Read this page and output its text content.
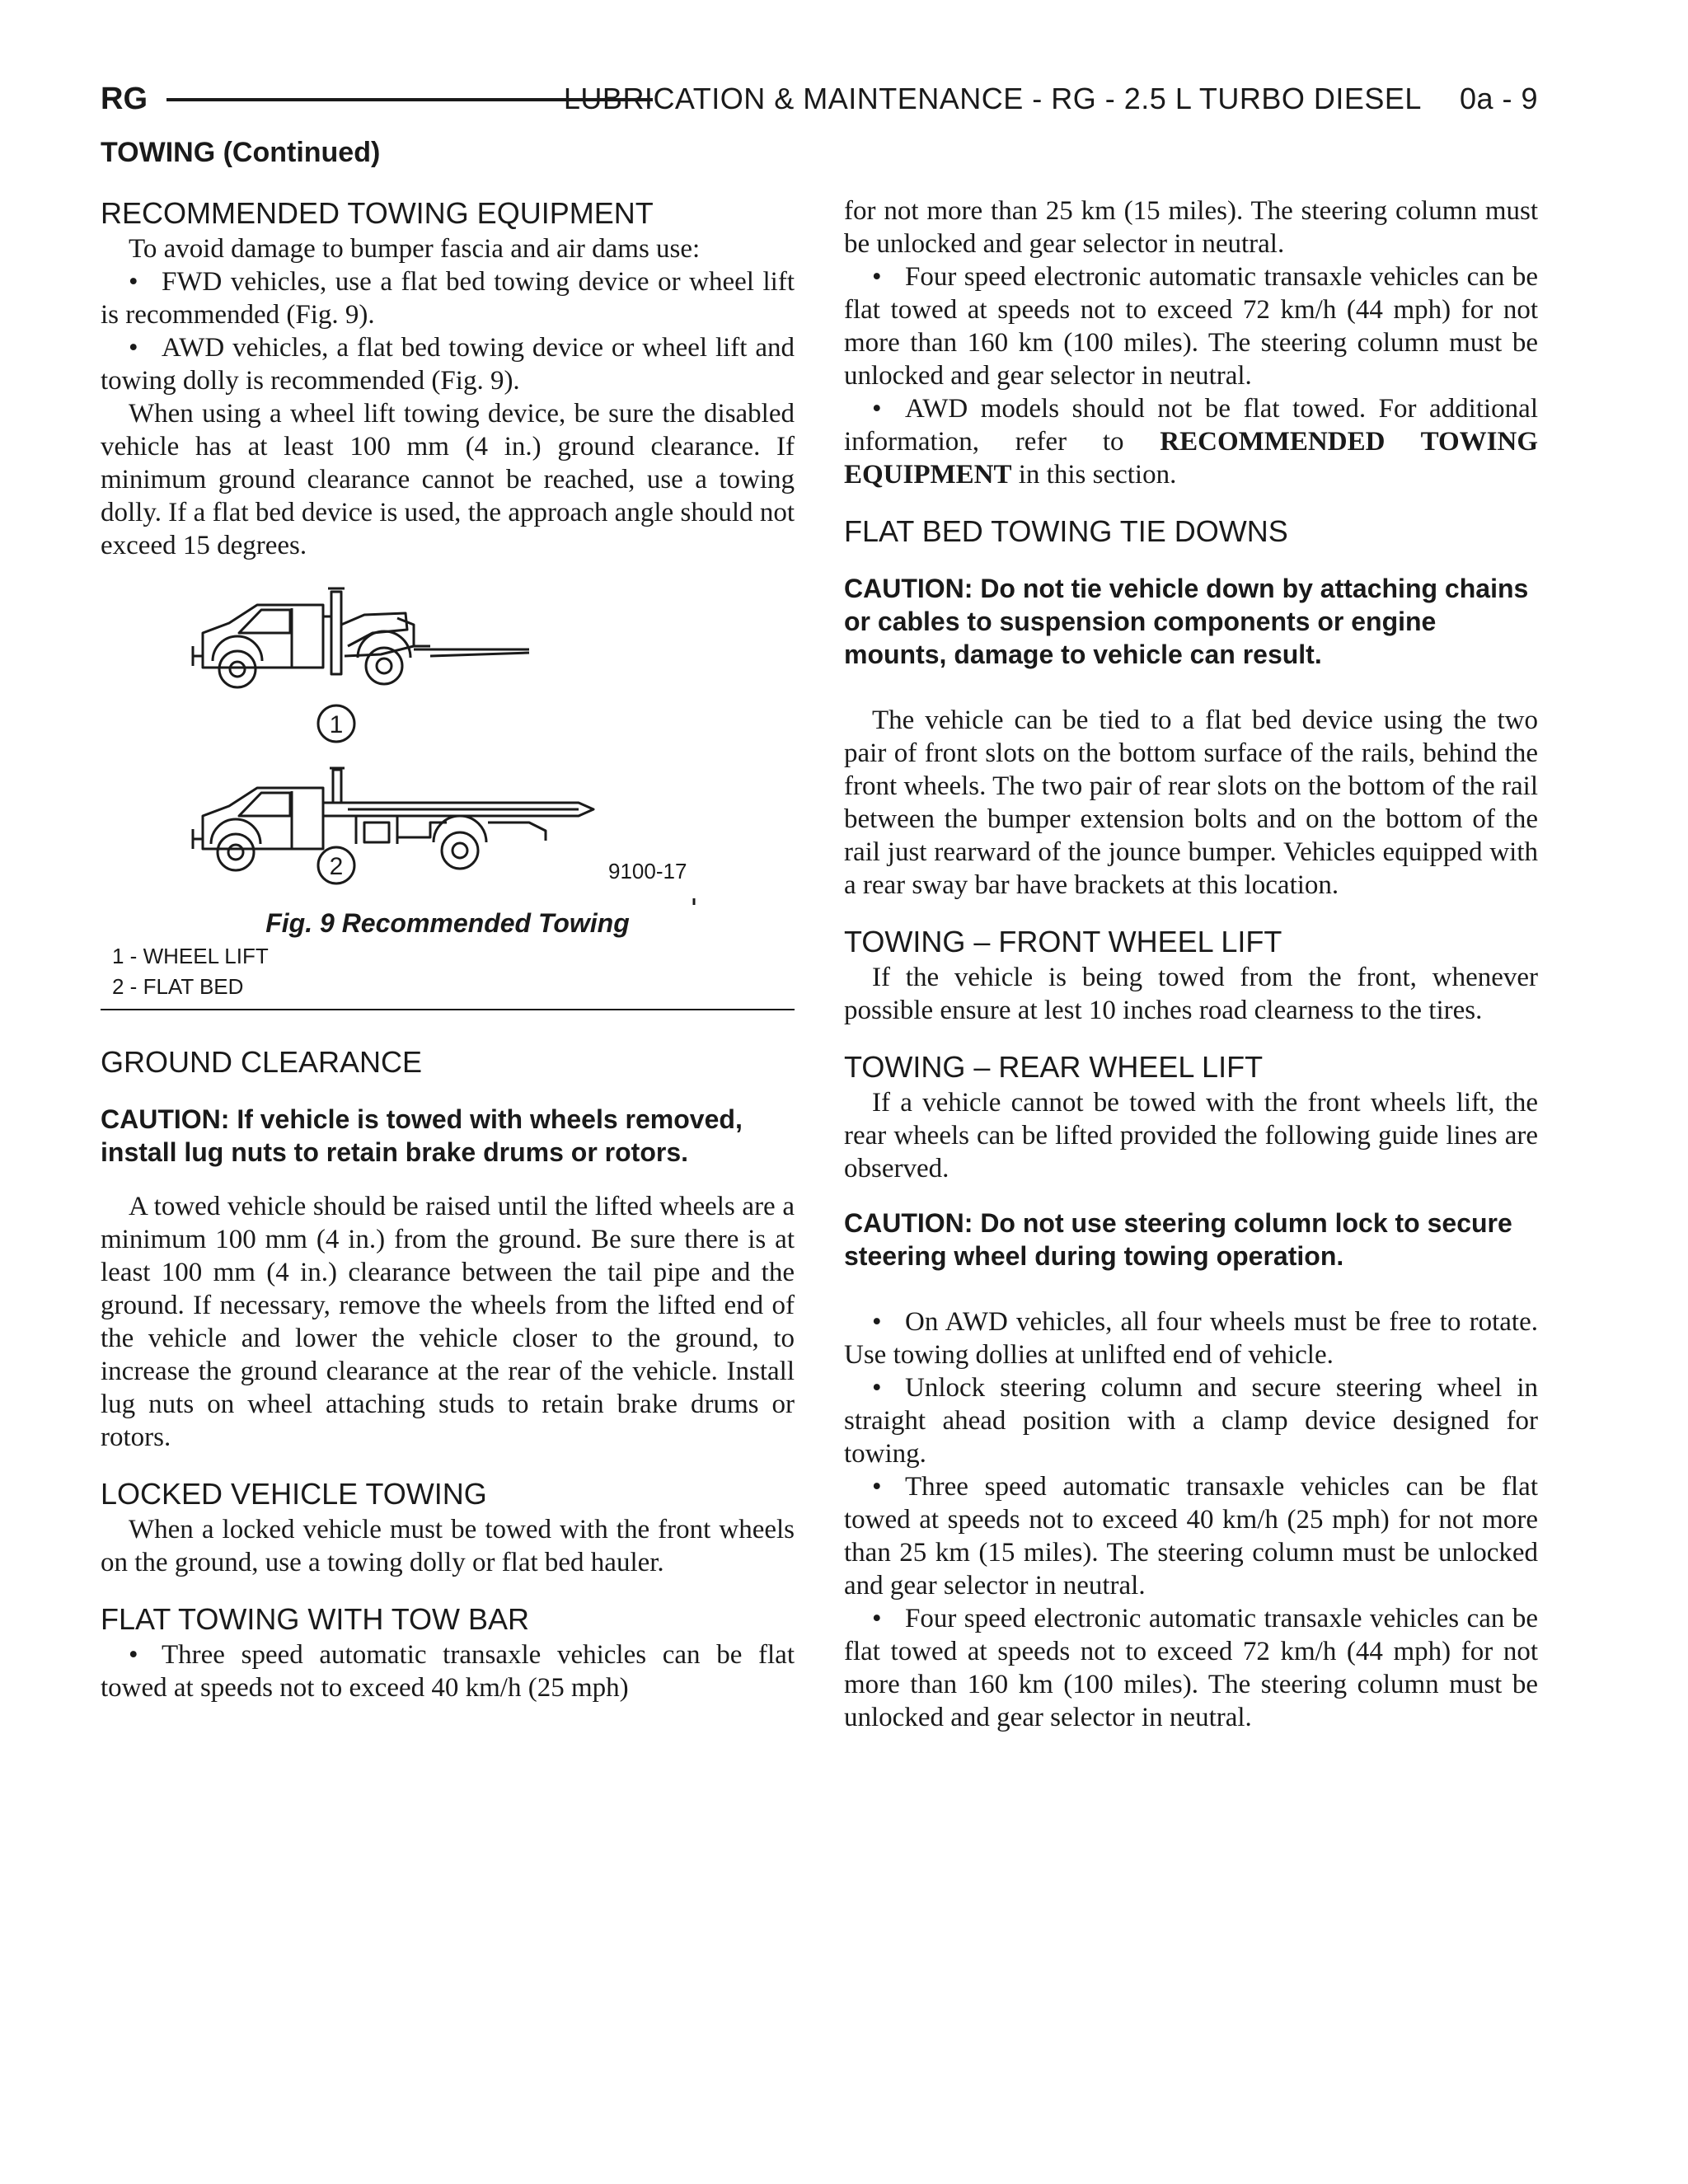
RG	LUBRICATION & MAINTENANCE - RG - 2.5 L TURBO DIESEL 0a - 9
TOWING (Continued)
RECOMMENDED TOWING EQUIPMENT

To avoid damage to bumper fascia and air dams use:

• FWD vehicles, use a flat bed towing device or wheel lift is recommended (Fig. 9).

• AWD vehicles, a flat bed towing device or wheel lift and towing dolly is recommended (Fig. 9).

When using a wheel lift towing device, be sure the disabled vehicle has at least 100 mm (4 in.) ground clearance. If minimum ground clearance cannot be reached, use a towing dolly. If a flat bed device is used, the approach angle should not exceed 15 degrees.

1
2	9100-17
Fig. 9 Recommended Towing
1 - WHEEL LIFT
2 - FLAT BED
GROUND CLEARANCE
CAUTION: If vehicle is towed with wheels removed, install lug nuts to retain brake drums or rotors.

A towed vehicle should be raised until the lifted wheels are a minimum 100 mm (4 in.) from the ground. Be sure there is at least 100 mm (4 in.) clearance between the tail pipe and the ground. If necessary, remove the wheels from the lifted end of the vehicle and lower the vehicle closer to the ground, to increase the ground clearance at the rear of the vehicle. Install lug nuts on wheel attaching studs to retain brake drums or rotors.

LOCKED VEHICLE TOWING

When a locked vehicle must be towed with the front wheels on the ground, use a towing dolly or flat bed hauler.

FLAT TOWING WITH TOW BAR

• Three speed automatic transaxle vehicles can be flat towed at speeds not to exceed 40 km/h (25 mph)

for not more than 25 km (15 miles). The steering column must be unlocked and gear selector in neutral.

• Four speed electronic automatic transaxle vehicles can be flat towed at speeds not to exceed 72 km/h (44 mph) for not more than 160 km (100 miles). The steering column must be unlocked and gear selector in neutral.

• AWD models should not be flat towed. For additional information, refer to RECOMMENDED TOWING EQUIPMENT in this section.

FLAT BED TOWING TIE DOWNS
CAUTION: Do not tie vehicle down by attaching chains or cables to suspension components or engine mounts, damage to vehicle can result.

The vehicle can be tied to a flat bed device using the two pair of front slots on the bottom surface of the rails, behind the front wheels. The two pair of rear slots on the bottom of the rail between the bumper extension bolts and on the bottom of the rail just rearward of the jounce bumper. Vehicles equipped with a rear sway bar have brackets at this location.

TOWING – FRONT WHEEL LIFT

If the vehicle is being towed from the front, whenever possible ensure at lest 10 inches road clearness to the tires.

TOWING – REAR WHEEL LIFT

If a vehicle cannot be towed with the front wheels lift, the rear wheels can be lifted provided the following guide lines are observed.

CAUTION: Do not use steering column lock to secure steering wheel during towing operation.

• On AWD vehicles, all four wheels must be free to rotate. Use towing dollies at unlifted end of vehicle.

• Unlock steering column and secure steering wheel in straight ahead position with a clamp device designed for towing.

• Three speed automatic transaxle vehicles can be flat towed at speeds not to exceed 40 km/h (25 mph) for not more than 25 km (15 miles). The steering column must be unlocked and gear selector in neutral.

• Four speed electronic automatic transaxle vehicles can be flat towed at speeds not to exceed 72 km/h (44 mph) for not more than 160 km (100 miles). The steering column must be unlocked and gear selector in neutral.
